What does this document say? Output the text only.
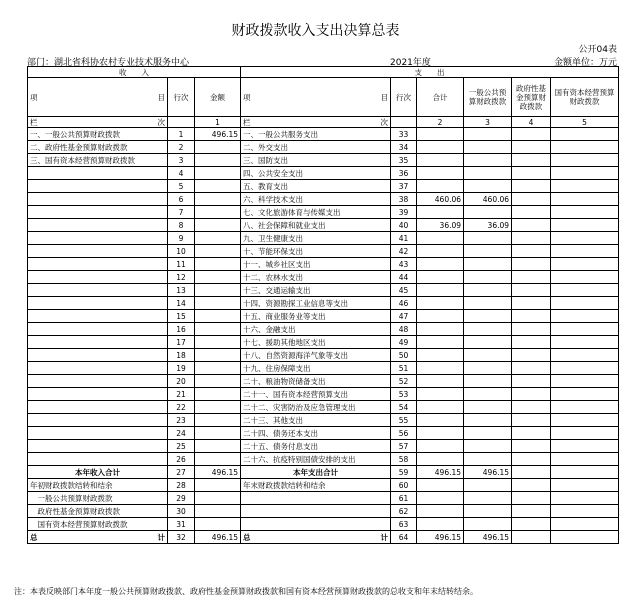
财政拨款收入支出决算总表
公开04表
部门：湖北省科协农村专业技术服务中心	2021年度	金额单位：万元
收　　入			支　　出					

项 目	行次	金额	项 目	行次	合计	一般公共预算财政拨款	政府性基金预算财政拨款	国有资本经营预算财政拨款

栏 次		1	栏 次		2	3	4	5
一、一般公共预算财政拨款	1	496.15	一、一般公共服务支出	33				
二、政府性基金预算财政拨款	2		二、外交支出	34				
三、国有资本经营预算财政拨款	3		三、国防支出	35				
	4		四、公共安全支出	36				
	5		五、教育支出	37				
	6		六、科学技术支出	38	460.06	460.06		
	7		七、文化旅游体育与传媒支出	39				
	8		八、社会保障和就业支出	40	36.09	36.09		
	9		九、卫生健康支出	41				
	10		十、节能环保支出	42				
	11		十一、城乡社区支出	43				
	12		十二、农林水支出	44				
	13		十三、交通运输支出	45				
	14		十四、资源勘探工业信息等支出	46				
	15		十五、商业服务业等支出	47				
	16		十六、金融支出	48				
	17		十七、援助其他地区支出	49				
	18		十八、自然资源海洋气象等支出	50				
	19		十九、住房保障支出	51				
	20		二十、粮油物资储备支出	52				
	21		二十一、国有资本经营预算支出	53				
	22		二十二、灾害防治及应急管理支出	54				
	23		二十三、其他支出	55				
	24		二十四、债务还本支出	56				
	25		二十五、债务付息支出	57				
	26		二十六、抗疫特别国债安排的支出	58				
本年收入合计	27	496.15	本年支出合计	59	496.15	496.15		
年初财政拨款结转和结余	28		年末财政拨款结转和结余	60				
　一般公共预算财政拨款	29			61				
　政府性基金预算财政拨款	30			62				
　国有资本经营预算财政拨款	31			63				

总 计	32	496.15	总 计	64	496.15	496.15		
注：本表反映部门本年度一般公共预算财政拨款、政府性基金预算财政拨款和国有资本经营预算财政拨款的总收支和年末结转结余。
